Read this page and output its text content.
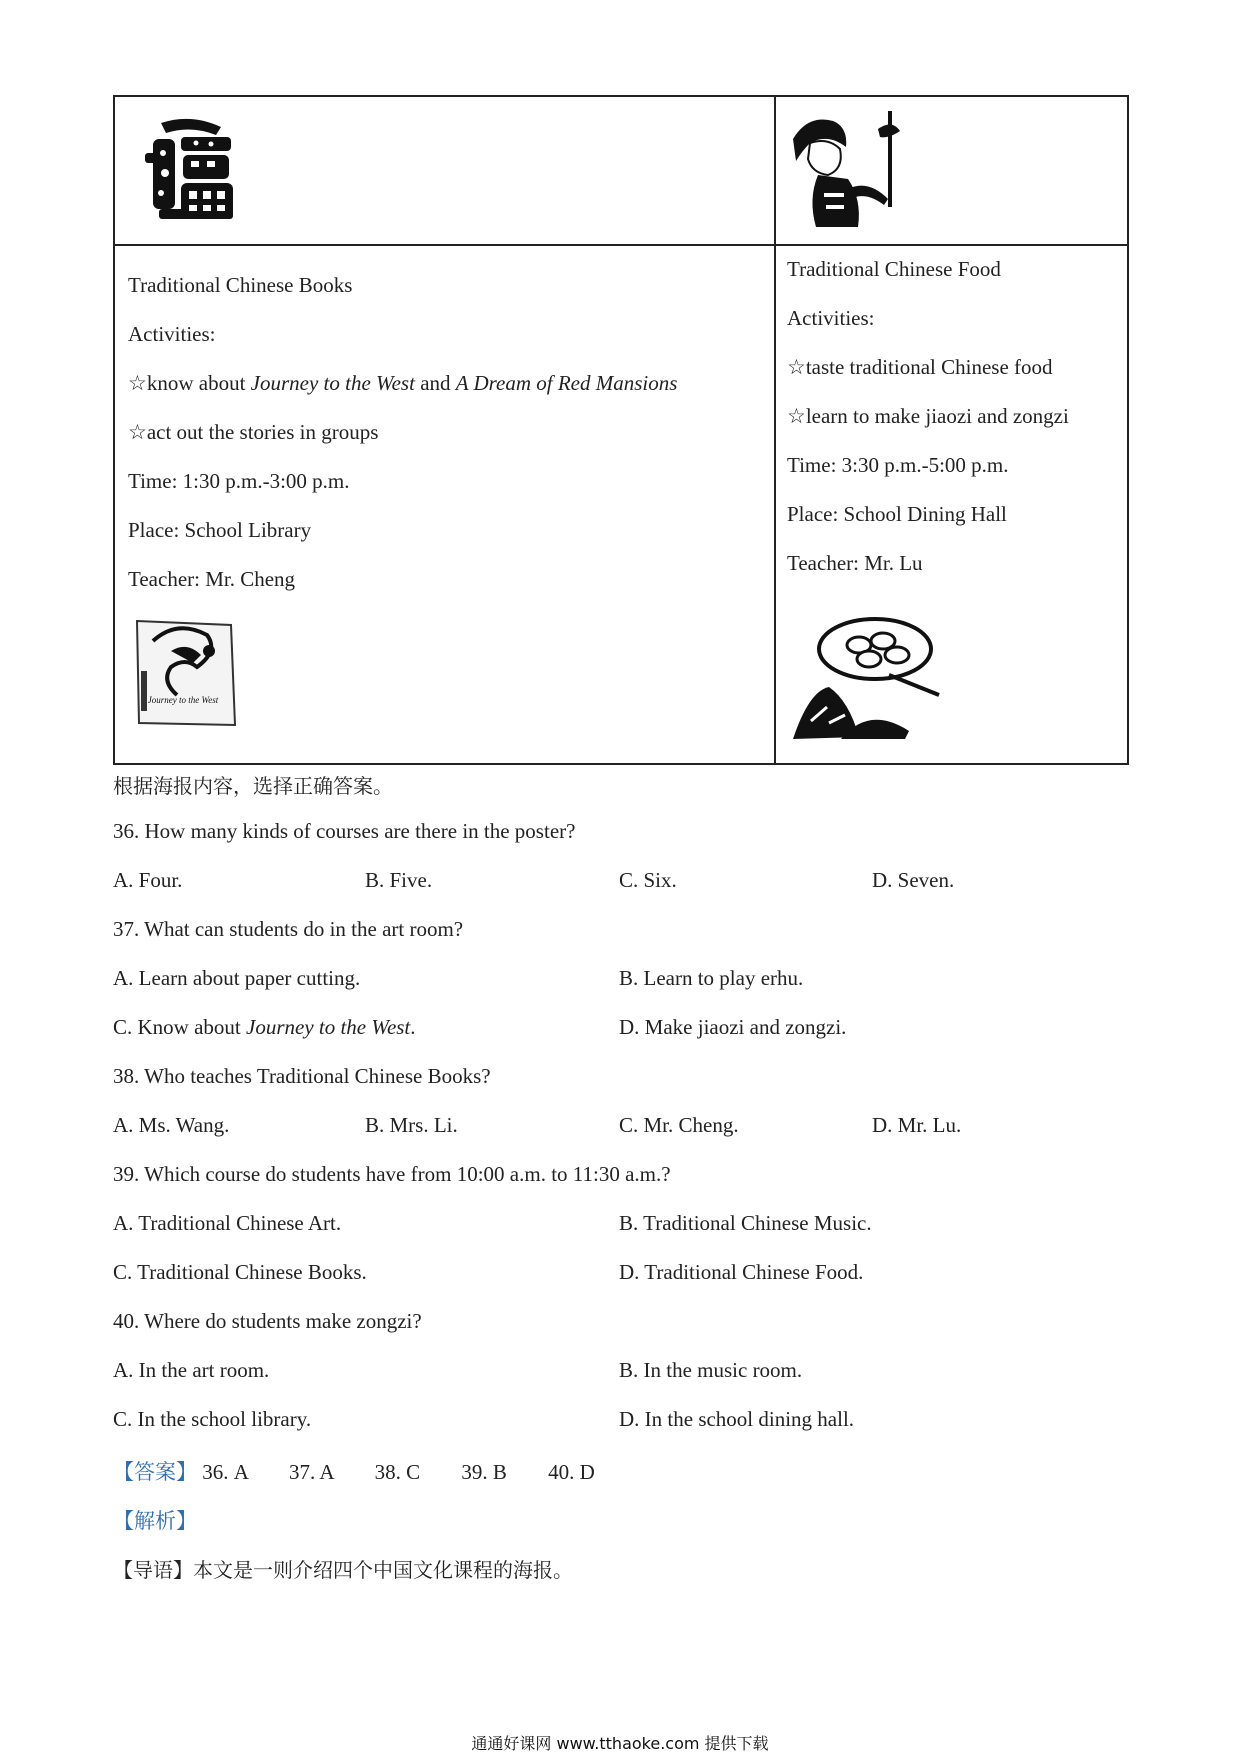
Traditional Chinese Books

Activities:

☆know about Journey to the West and A Dream of Red Mansions

☆act out the stories in groups

Time: 1:30 p.m.-3:00 p.m.

Place: School Library

Teacher: Mr. Cheng

Journey to the West

Traditional Chinese Food

Activities:

☆taste traditional Chinese food

☆learn to make jiaozi and zongzi

Time: 3:30 p.m.-5:00 p.m.

Place: School Dining Hall

Teacher: Mr. Lu

根据海报内容，选择正确答案。
36. How many kinds of courses are there in the poster?
A. Four.	B. Five.	C. Six.	D. Seven.
37. What can students do in the art room?
A. Learn about paper cutting.	B. Learn to play erhu.
C. Know about Journey to the West.	D. Make jiaozi and zongzi.
38. Who teaches Traditional Chinese Books?
A. Ms. Wang.	B. Mrs. Li.	C. Mr. Cheng.	D. Mr. Lu.
39. Which course do students have from 10:00 a.m. to 11:30 a.m.?
A. Traditional Chinese Art.	B. Traditional Chinese Music.
C. Traditional Chinese Books.	D. Traditional Chinese Food.
40. Where do students make zongzi?
A. In the art room.	B. In the music room.
C. In the school library.	D. In the school dining hall.
【答案】 36. A 37. A 38. C 39. B 40. D
【解析】
【导语】本文是一则介绍四个中国文化课程的海报。
通通好课网 www.tthaoke.com 提供下载
